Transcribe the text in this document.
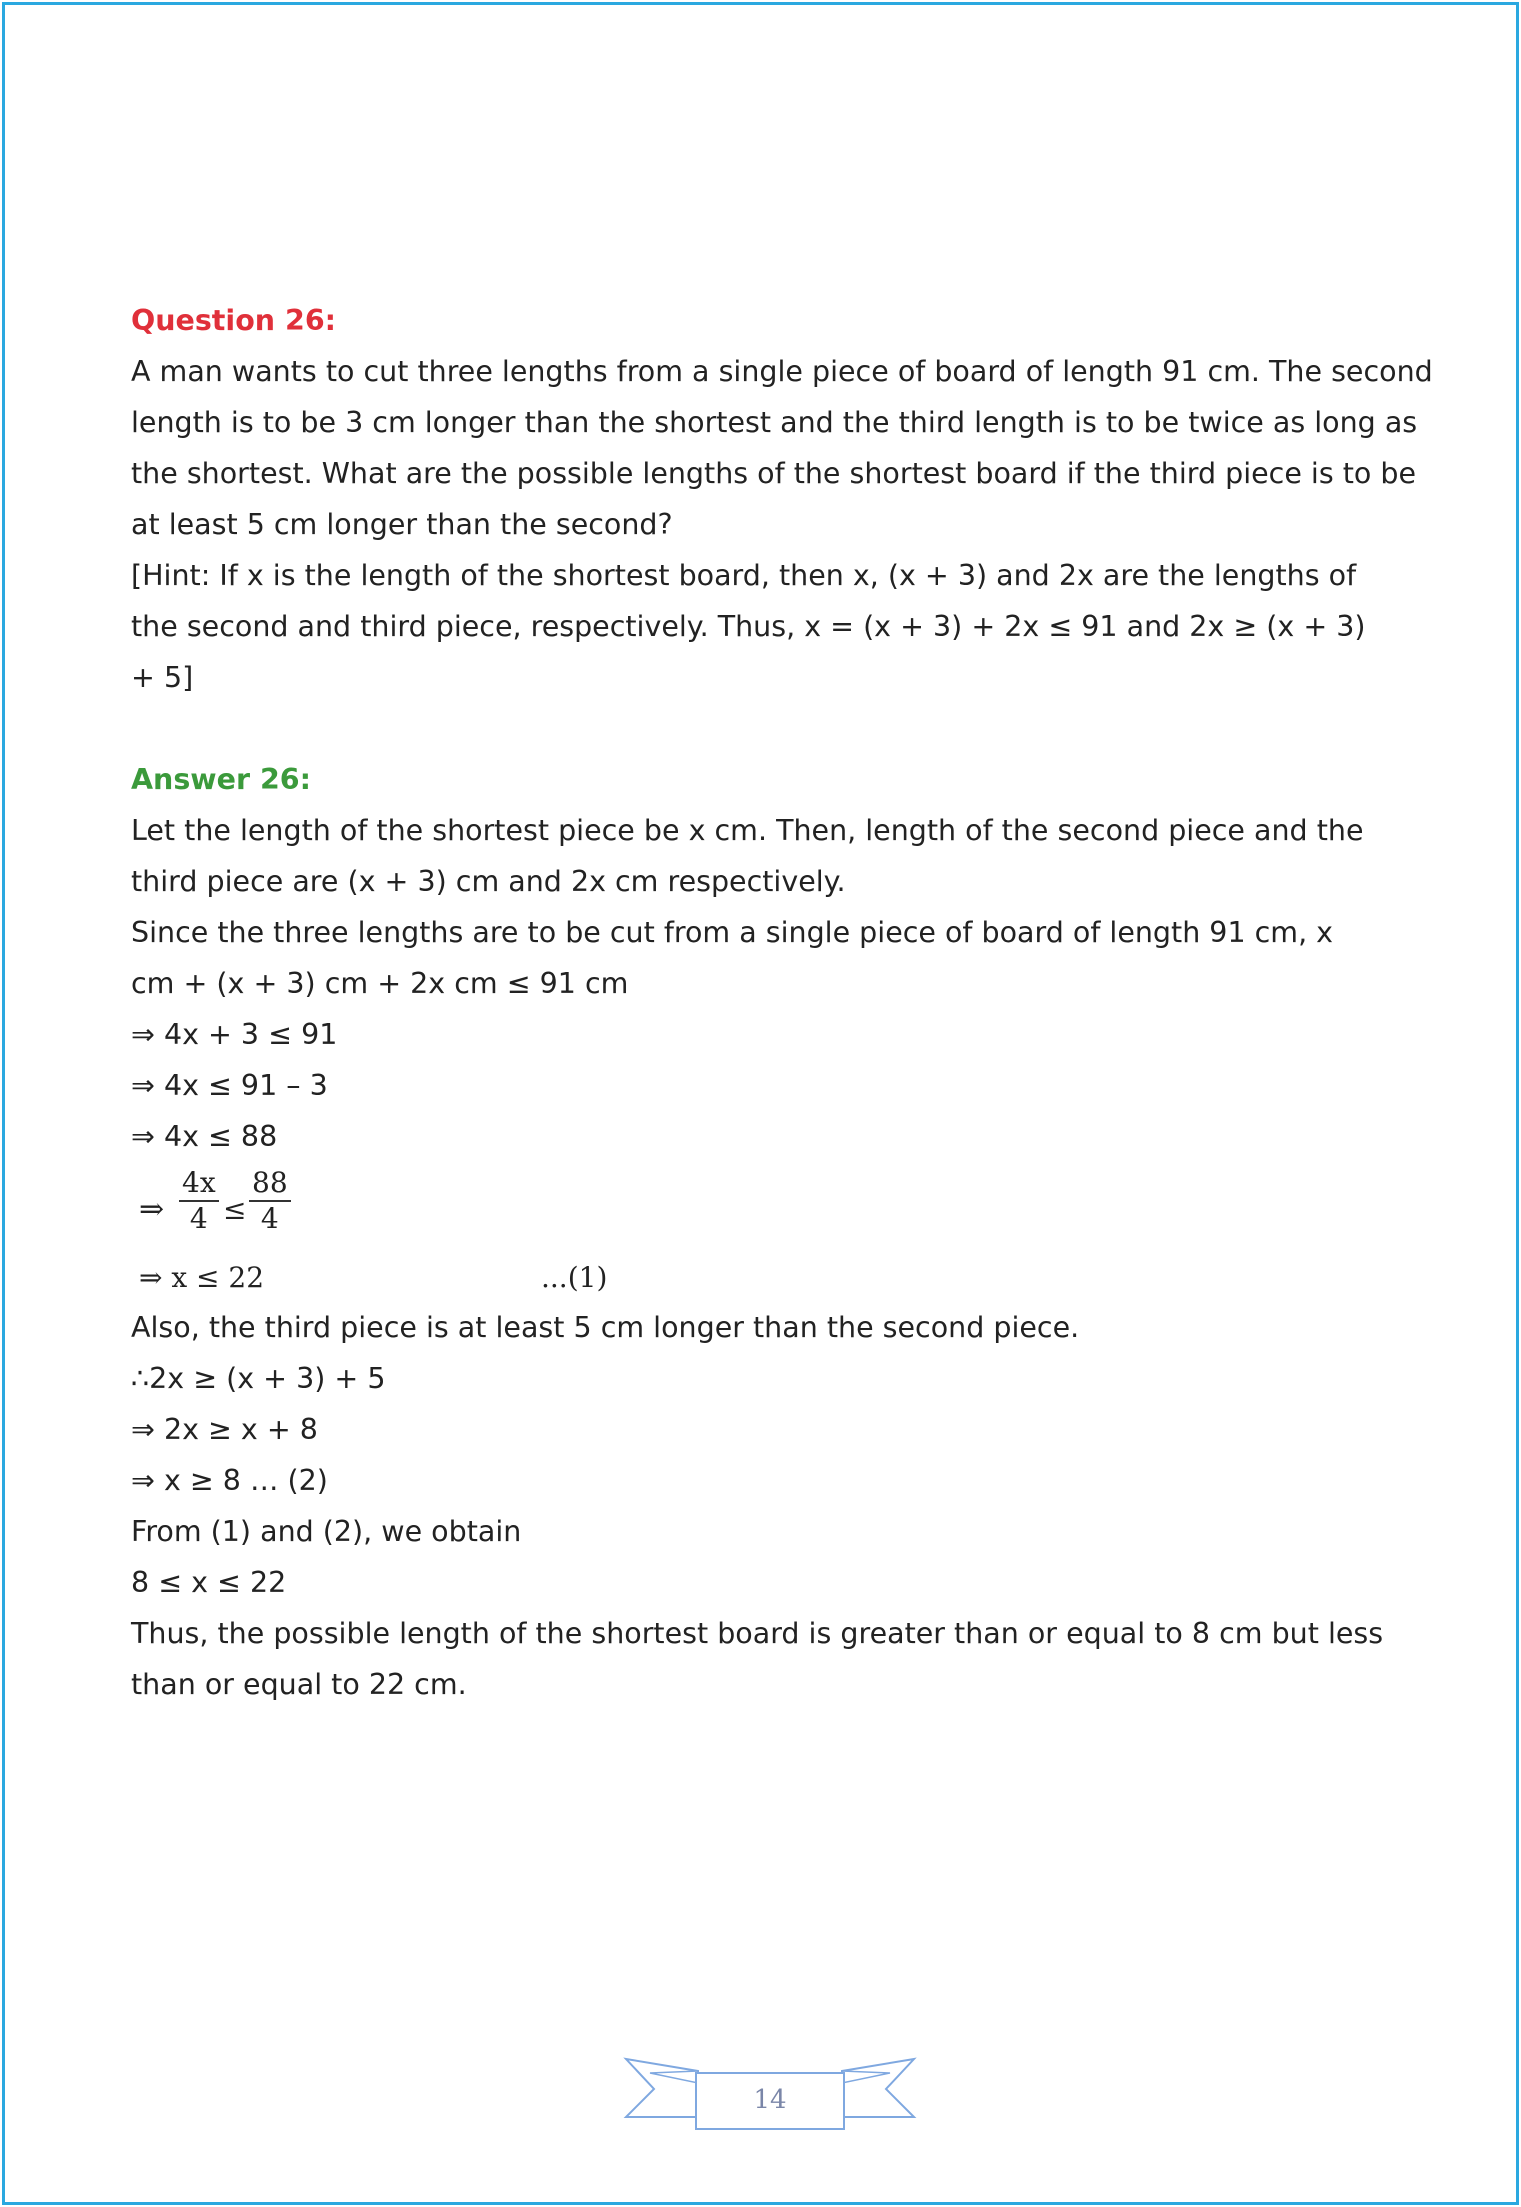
Question 26:
A man wants to cut three lengths from a single piece of board of length 91 cm. The second
length is to be 3 cm longer than the shortest and the third length is to be twice as long as
the shortest. What are the possible lengths of the shortest board if the third piece is to be
at least 5 cm longer than the second?
[Hint: If x is the length of the shortest board, then x, (x + 3) and 2x are the lengths of
the second and third piece, respectively. Thus, x = (x + 3) + 2x ≤ 91 and 2x ≥ (x + 3)
+ 5]
Answer 26:
Let the length of the shortest piece be x cm. Then, length of the second piece and the
third piece are (x + 3) cm and 2x cm respectively.
Since the three lengths are to be cut from a single piece of board of length 91 cm, x
cm + (x + 3) cm + 2x cm ≤ 91 cm
⇒ 4x + 3 ≤ 91
⇒ 4x ≤ 91 – 3
⇒ 4x ≤ 88
⇒ $\frac{4x}{4} \le \frac{88}{4}$
⇒ x ≤ 22	...(1)
Also, the third piece is at least 5 cm longer than the second piece.
∴2x ≥ (x + 3) + 5
⇒ 2x ≥ x + 8
⇒ x ≥ 8 … (2)
From (1) and (2), we obtain
8 ≤ x ≤ 22
Thus, the possible length of the shortest board is greater than or equal to 8 cm but less
than or equal to 22 cm.
14
